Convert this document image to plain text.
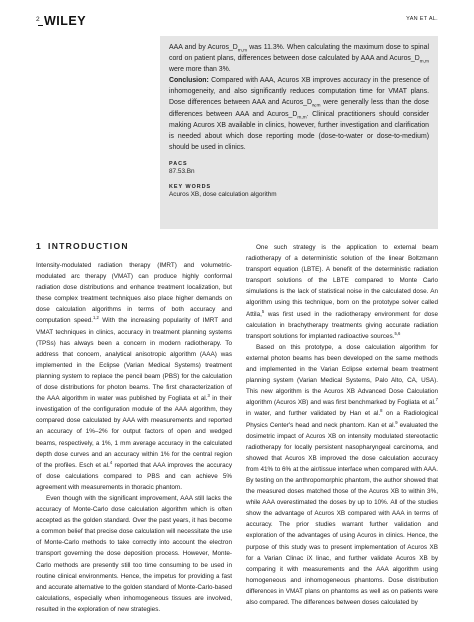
2 WILEY	YAN ET AL.

AAA and by $Acuros\_D_{m,m}$ was 11.3%. When calculating the maximum dose to spinal cord on patient plans, differences between dose calculated by AAA and $Acuros\_D_{m,m}$ were more than 3%.

Conclusion: Compared with AAA, Acuros XB improves accuracy in the presence of inhomogeneity, and also significantly reduces computation time for VMAT plans. Dose differences between AAA and $Acuros\_D_{w,m}$ were generally less than the dose differences between AAA and $Acuros\_D_{m,m}$. Clinical practitioners should consider making Acuros XB available in clinics, however, further investigation and clarification is needed about which dose reporting mode (dose-to-water or dose-to-medium) should be used in clinics.

PACS
87.53.Bn
KEY WORDS
Acuros XB, dose calculation algorithm
1 INTRODUCTION

Intensity-modulated radiation therapy (IMRT) and volumetric-modulated arc therapy (VMAT) can produce highly conformal radiation dose distributions and enhance treatment localization, but these complex treatment techniques also place higher demands on dose calculation algorithms in terms of both accuracy and computation speed.$^{1,2}$ With the increasing popularity of IMRT and VMAT techniques in clinics, accuracy in treatment planning systems (TPSs) has always been a concern in modern radiotherapy. To address that concern, analytical anisotropic algorithm (AAA) was implemented in the Eclipse (Varian Medical Systems) treatment planning system to replace the pencil beam (PBS) for the calculation of dose distributions for photon beams. The first characterization of the AAA algorithm in water was published by Fogliata et al.$^3$ in their investigation of the configuration module of the AAA algorithm, they compared dose calculated by AAA with measurements and reported an accuracy of 1%–2% for output factors of open and wedged beams, respectively, a 1%, 1 mm average accuracy in the calculated depth dose curves and an accuracy within 1% for the central region of the profiles. Esch et al.$^4$ reported that AAA improves the accuracy of dose calculations compared to PBS and can achieve 5% agreement with measurements in thoracic phantom.

Even though with the significant improvement, AAA still lacks the accuracy of Monte-Carlo dose calculation algorithm which is often accepted as the golden standard. Over the past years, it has become a common belief that precise dose calculation will necessitate the use of Monte-Carlo methods to take correctly into account the electron transport governing the dose deposition process. However, Monte-Carlo methods are presently still too time consuming to be used in routine clinical environments. Hence, the impetus for providing a fast and accurate alternative to the golden standard of Monte-Carlo-based calculations, especially when inhomogeneous tissues are involved, resulted in the exploration of new strategies.

One such strategy is the application to external beam radiotherapy of a deterministic solution of the linear Boltzmann transport equation (LBTE). A benefit of the deterministic radiation transport solutions of the LBTE compared to Monte Carlo simulations is the lack of statistical noise in the calculated dose. An algorithm using this technique, born on the prototype solver called Attila,$^5$ was first used in the radiotherapy environment for dose calculation in brachytherapy treatments giving accurate radiation transport solutions for implanted radioactive sources.$^{5,6}$

Based on this prototype, a dose calculation algorithm for external photon beams has been developed on the same methods and implemented in the Varian Eclipse external beam treatment planning system (Varian Medical Systems, Palo Alto, CA, USA). This new algorithm is the Acuros XB Advanced Dose Calculation algorithm (Acuros XB) and was first benchmarked by Fogliata et al.$^7$ in water, and further validated by Han et al.$^8$ on a Radiological Physics Center's head and neck phantom. Kan et al.$^9$ evaluated the dosimetric impact of Acuros XB on intensity modulated stereotactic radiotherapy for locally persistent nasopharyngeal carcinoma, and showed that Acuros XB improved the dose calculation accuracy from 41% to 6% at the air/tissue interface when compared with AAA. By testing on the anthropomorphic phantom, the author showed that the measured doses matched those of the Acuros XB to within 3%, while AAA overestimated the doses by up to 10%. All of the studies show the advantage of Acuros XB compared with AAA in terms of accuracy. The prior studies warrant further validation and exploration of the advantages of using Acuros in clinics. Hence, the purpose of this study was to present implementation of Acuros XB for a Varian Clinac iX linac, and further validate Acuros XB by comparing it with measurements and the AAA algorithm using homogeneous and inhomogeneous phantoms. Dose distribution differences in VMAT plans on phantoms as well as on patients were also compared. The differences between doses calculated by
